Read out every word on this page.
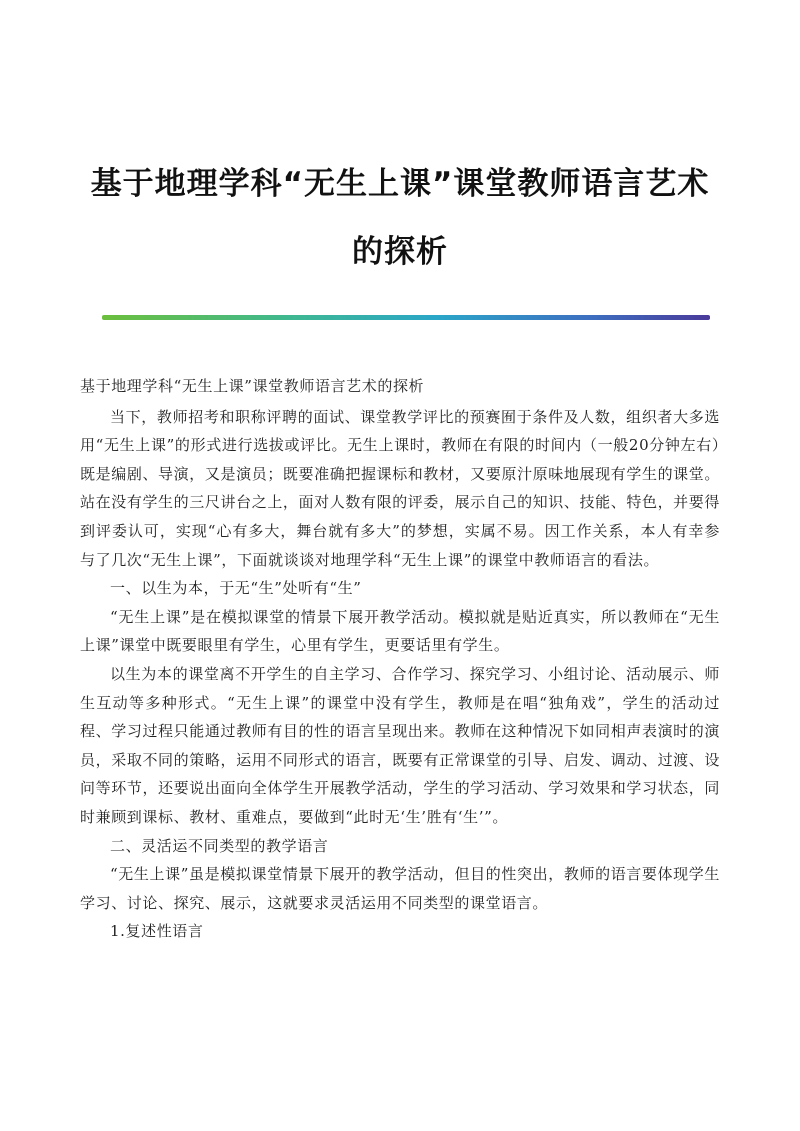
基于地理学科“无生上课”课堂教师语言艺术的探析

基于地理学科“无生上课”课堂教师语言艺术的探析

当下，教师招考和职称评聘的面试、课堂教学评比的预赛囿于条件及人数，组织者大多选用“无生上课”的形式进行选拔或评比。无生上课时，教师在有限的时间内（一般20分钟左右）既是编剧、导演，又是演员；既要准确把握课标和教材，又要原汁原味地展现有学生的课堂。站在没有学生的三尺讲台之上，面对人数有限的评委，展示自己的知识、技能、特色，并要得到评委认可，实现“心有多大，舞台就有多大”的梦想，实属不易。因工作关系，本人有幸参与了几次“无生上课”，下面就谈谈对地理学科“无生上课”的课堂中教师语言的看法。

一、以生为本，于无“生”处听有“生”

“无生上课”是在模拟课堂的情景下展开教学活动。模拟就是贴近真实，所以教师在“无生上课”课堂中既要眼里有学生，心里有学生，更要话里有学生。

以生为本的课堂离不开学生的自主学习、合作学习、探究学习、小组讨论、活动展示、师生互动等多种形式。“无生上课”的课堂中没有学生，教师是在唱“独角戏”，学生的活动过程、学习过程只能通过教师有目的性的语言呈现出来。教师在这种情况下如同相声表演时的演员，采取不同的策略，运用不同形式的语言，既要有正常课堂的引导、启发、调动、过渡、设问等环节，还要说出面向全体学生开展教学活动，学生的学习活动、学习效果和学习状态，同时兼顾到课标、教材、重难点，要做到“此时无‘生’胜有‘生’”。

二、灵活运不同类型的教学语言

“无生上课”虽是模拟课堂情景下展开的教学活动，但目的性突出，教师的语言要体现学生学习、讨论、探究、展示，这就要求灵活运用不同类型的课堂语言。

1.复述性语言
